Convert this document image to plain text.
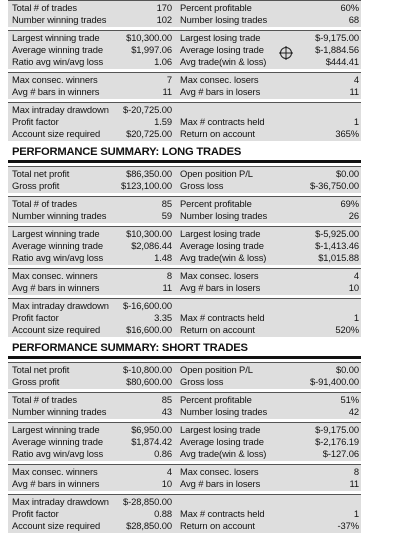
Total # of trades	170 Percent profitable	60%
Number winning trades	102 Number losing trades	68
Largest winning trade	$10,300.00 Largest losing trade	$-9,175.00
Average winning trade	$1,997.06 Average losing trade	$-1,884.56
Ratio avg win/avg loss	1.06 Avg trade(win & loss)	$444.41
Max consec. winners	7 Max consec. losers	4
Avg # bars in winners	11 Avg # bars in losers	11
Max intraday drawdown $-20,725.00
Profit factor	1.59 Max # contracts held	1
Account size required	$20,725.00 Return on account	365%
PERFORMANCE SUMMARY: LONG TRADES
Total net profit	$86,350.00 Open position P/L	$0.00
Gross profit	$123,100.00 Gross loss	$-36,750.00
Total # of trades	85 Percent profitable	69%
Number winning trades	59 Number losing trades	26
Largest winning trade	$10,300.00 Largest losing trade	$-5,925.00
Average winning trade	$2,086.44 Average losing trade	$-1,413.46
Ratio avg win/avg loss	1.48 Avg trade(win & loss)	$1,015.88
Max consec. winners	8 Max consec. losers	4
Avg # bars in winners	11 Avg # bars in losers	10
Max intraday drawdown $-16,600.00
Profit factor	3.35 Max # contracts held	1
Account size required	$16,600.00 Return on account	520%
PERFORMANCE SUMMARY: SHORT TRADES
Total net profit	$-10,800.00 Open position P/L	$0.00
Gross profit	$80,600.00 Gross loss	$-91,400.00
Total # of trades	85 Percent profitable	51%
Number winning trades	43 Number losing trades	42
Largest winning trade	$6,950.00 Largest losing trade	$-9,175.00
Average winning trade	$1,874.42 Average losing trade	$-2,176.19
Ratio avg win/avg loss	0.86 Avg trade(win & loss)	$-127.06
Max consec. winners	4 Max consec. losers	8
Avg # bars in winners	10 Avg # bars in losers	11
Max intraday drawdown $-28,850.00
Profit factor	0.88 Max # contracts held	1
Account size required	$28,850.00 Return on account	-37%
